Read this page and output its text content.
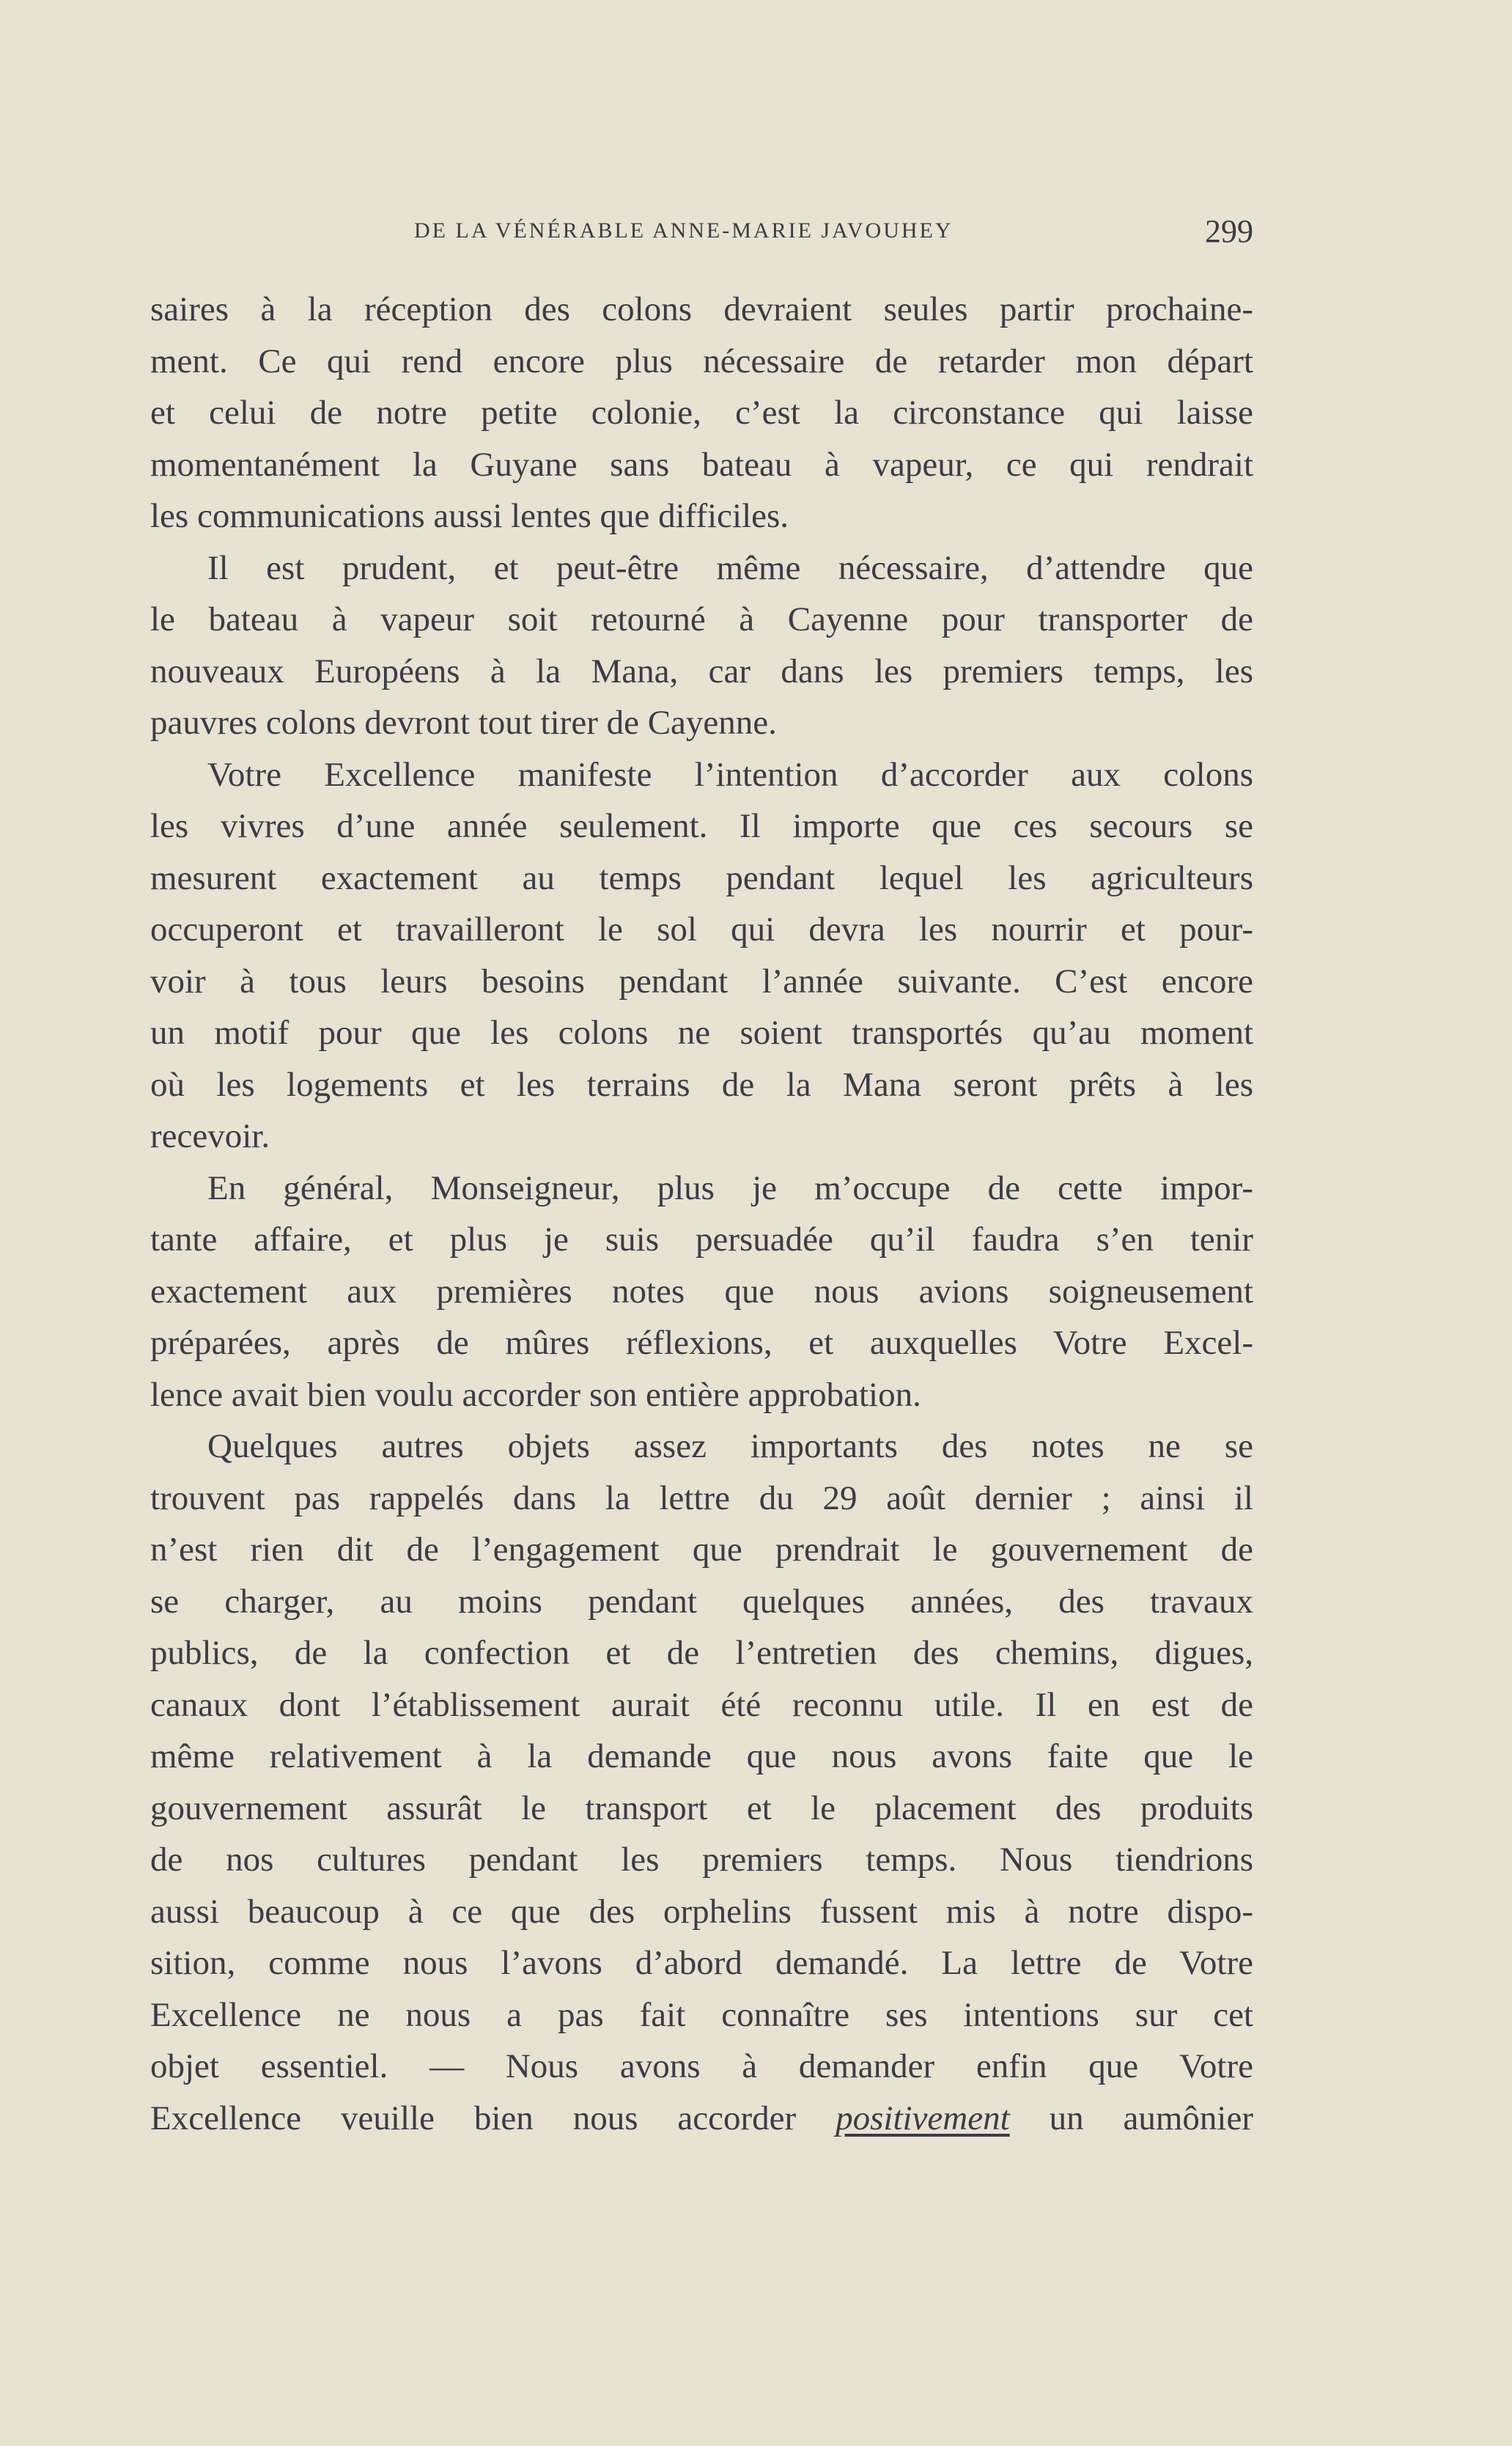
DE LA VÉNÉRABLE ANNE-MARIE JAVOUHEY	299
saires à la réception des colons devraient seules partir prochaine-
ment. Ce qui rend encore plus nécessaire de retarder mon départ
et celui de notre petite colonie, c’est la circonstance qui laisse
momentanément la Guyane sans bateau à vapeur, ce qui rendrait
les communications aussi lentes que difficiles.
Il est prudent, et peut-être même nécessaire, d’attendre que
le bateau à vapeur soit retourné à Cayenne pour transporter de
nouveaux Européens à la Mana, car dans les premiers temps, les
pauvres colons devront tout tirer de Cayenne.
Votre Excellence manifeste l’intention d’accorder aux colons
les vivres d’une année seulement. Il importe que ces secours se
mesurent exactement au temps pendant lequel les agriculteurs
occuperont et travailleront le sol qui devra les nourrir et pour-
voir à tous leurs besoins pendant l’année suivante. C’est encore
un motif pour que les colons ne soient transportés qu’au moment
où les logements et les terrains de la Mana seront prêts à les
recevoir.
En général, Monseigneur, plus je m’occupe de cette impor-
tante affaire, et plus je suis persuadée qu’il faudra s’en tenir
exactement aux premières notes que nous avions soigneusement
préparées, après de mûres réflexions, et auxquelles Votre Excel-
lence avait bien voulu accorder son entière approbation.
Quelques autres objets assez importants des notes ne se
trouvent pas rappelés dans la lettre du 29 août dernier ; ainsi il
n’est rien dit de l’engagement que prendrait le gouvernement de
se charger, au moins pendant quelques années, des travaux
publics, de la confection et de l’entretien des chemins, digues,
canaux dont l’établissement aurait été reconnu utile. Il en est de
même relativement à la demande que nous avons faite que le
gouvernement assurât le transport et le placement des produits
de nos cultures pendant les premiers temps. Nous tiendrions
aussi beaucoup à ce que des orphelins fussent mis à notre dispo-
sition, comme nous l’avons d’abord demandé. La lettre de Votre
Excellence ne nous a pas fait connaître ses intentions sur cet
objet essentiel. — Nous avons à demander enfin que Votre
Excellence veuille bien nous accorder positivement un aumônier
